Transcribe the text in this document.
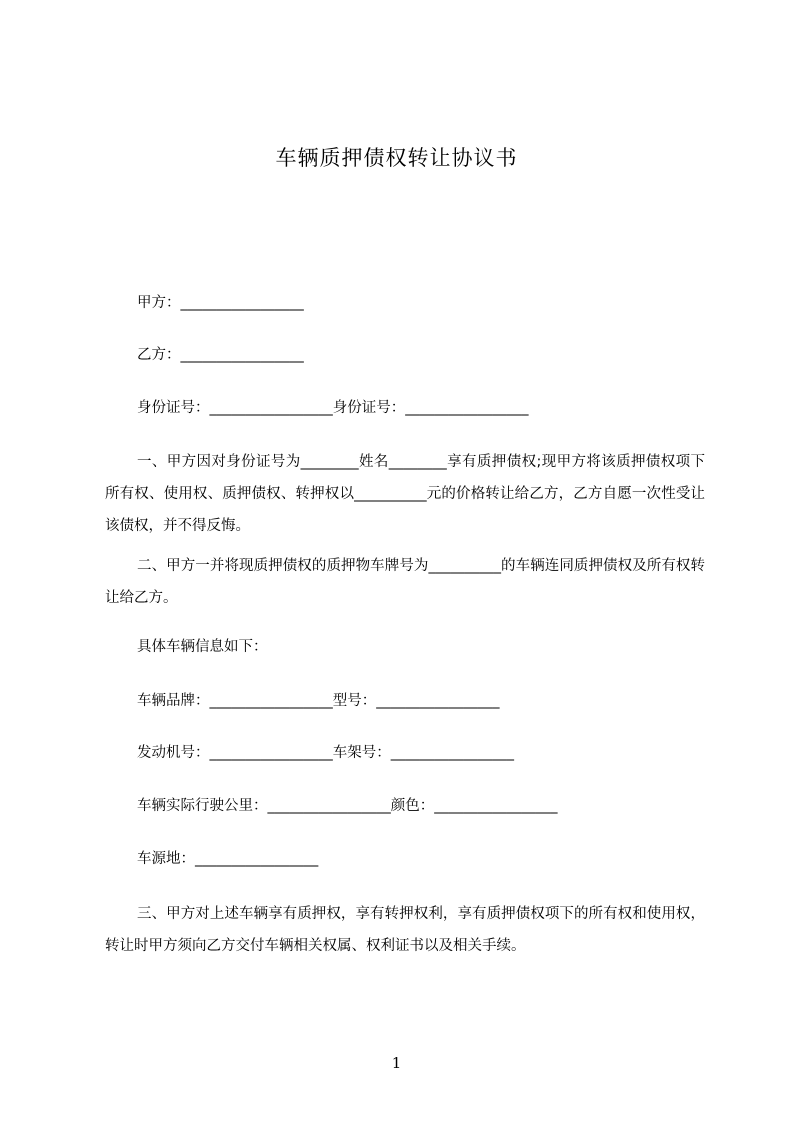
车辆质押债权转让协议书
甲方：_________________
乙方：_________________
身份证号：_________________身份证号：_________________
一、甲方因对身份证号为________姓名________享有质押债权;现甲方将该质押债权项下所有权、使用权、质押债权、转押权以__________元的价格转让给乙方，乙方自愿一次性受让该债权，并不得反悔。
二、甲方一并将现质押债权的质押物车牌号为__________的车辆连同质押债权及所有权转让给乙方。
具体车辆信息如下：
车辆品牌：_________________型号：_________________
发动机号：_________________车架号：_________________
车辆实际行驶公里：_________________颜色：_________________
车源地：_________________
三、甲方对上述车辆享有质押权，享有转押权利，享有质押债权项下的所有权和使用权，转让时甲方须向乙方交付车辆相关权属、权利证书以及相关手续。
1
